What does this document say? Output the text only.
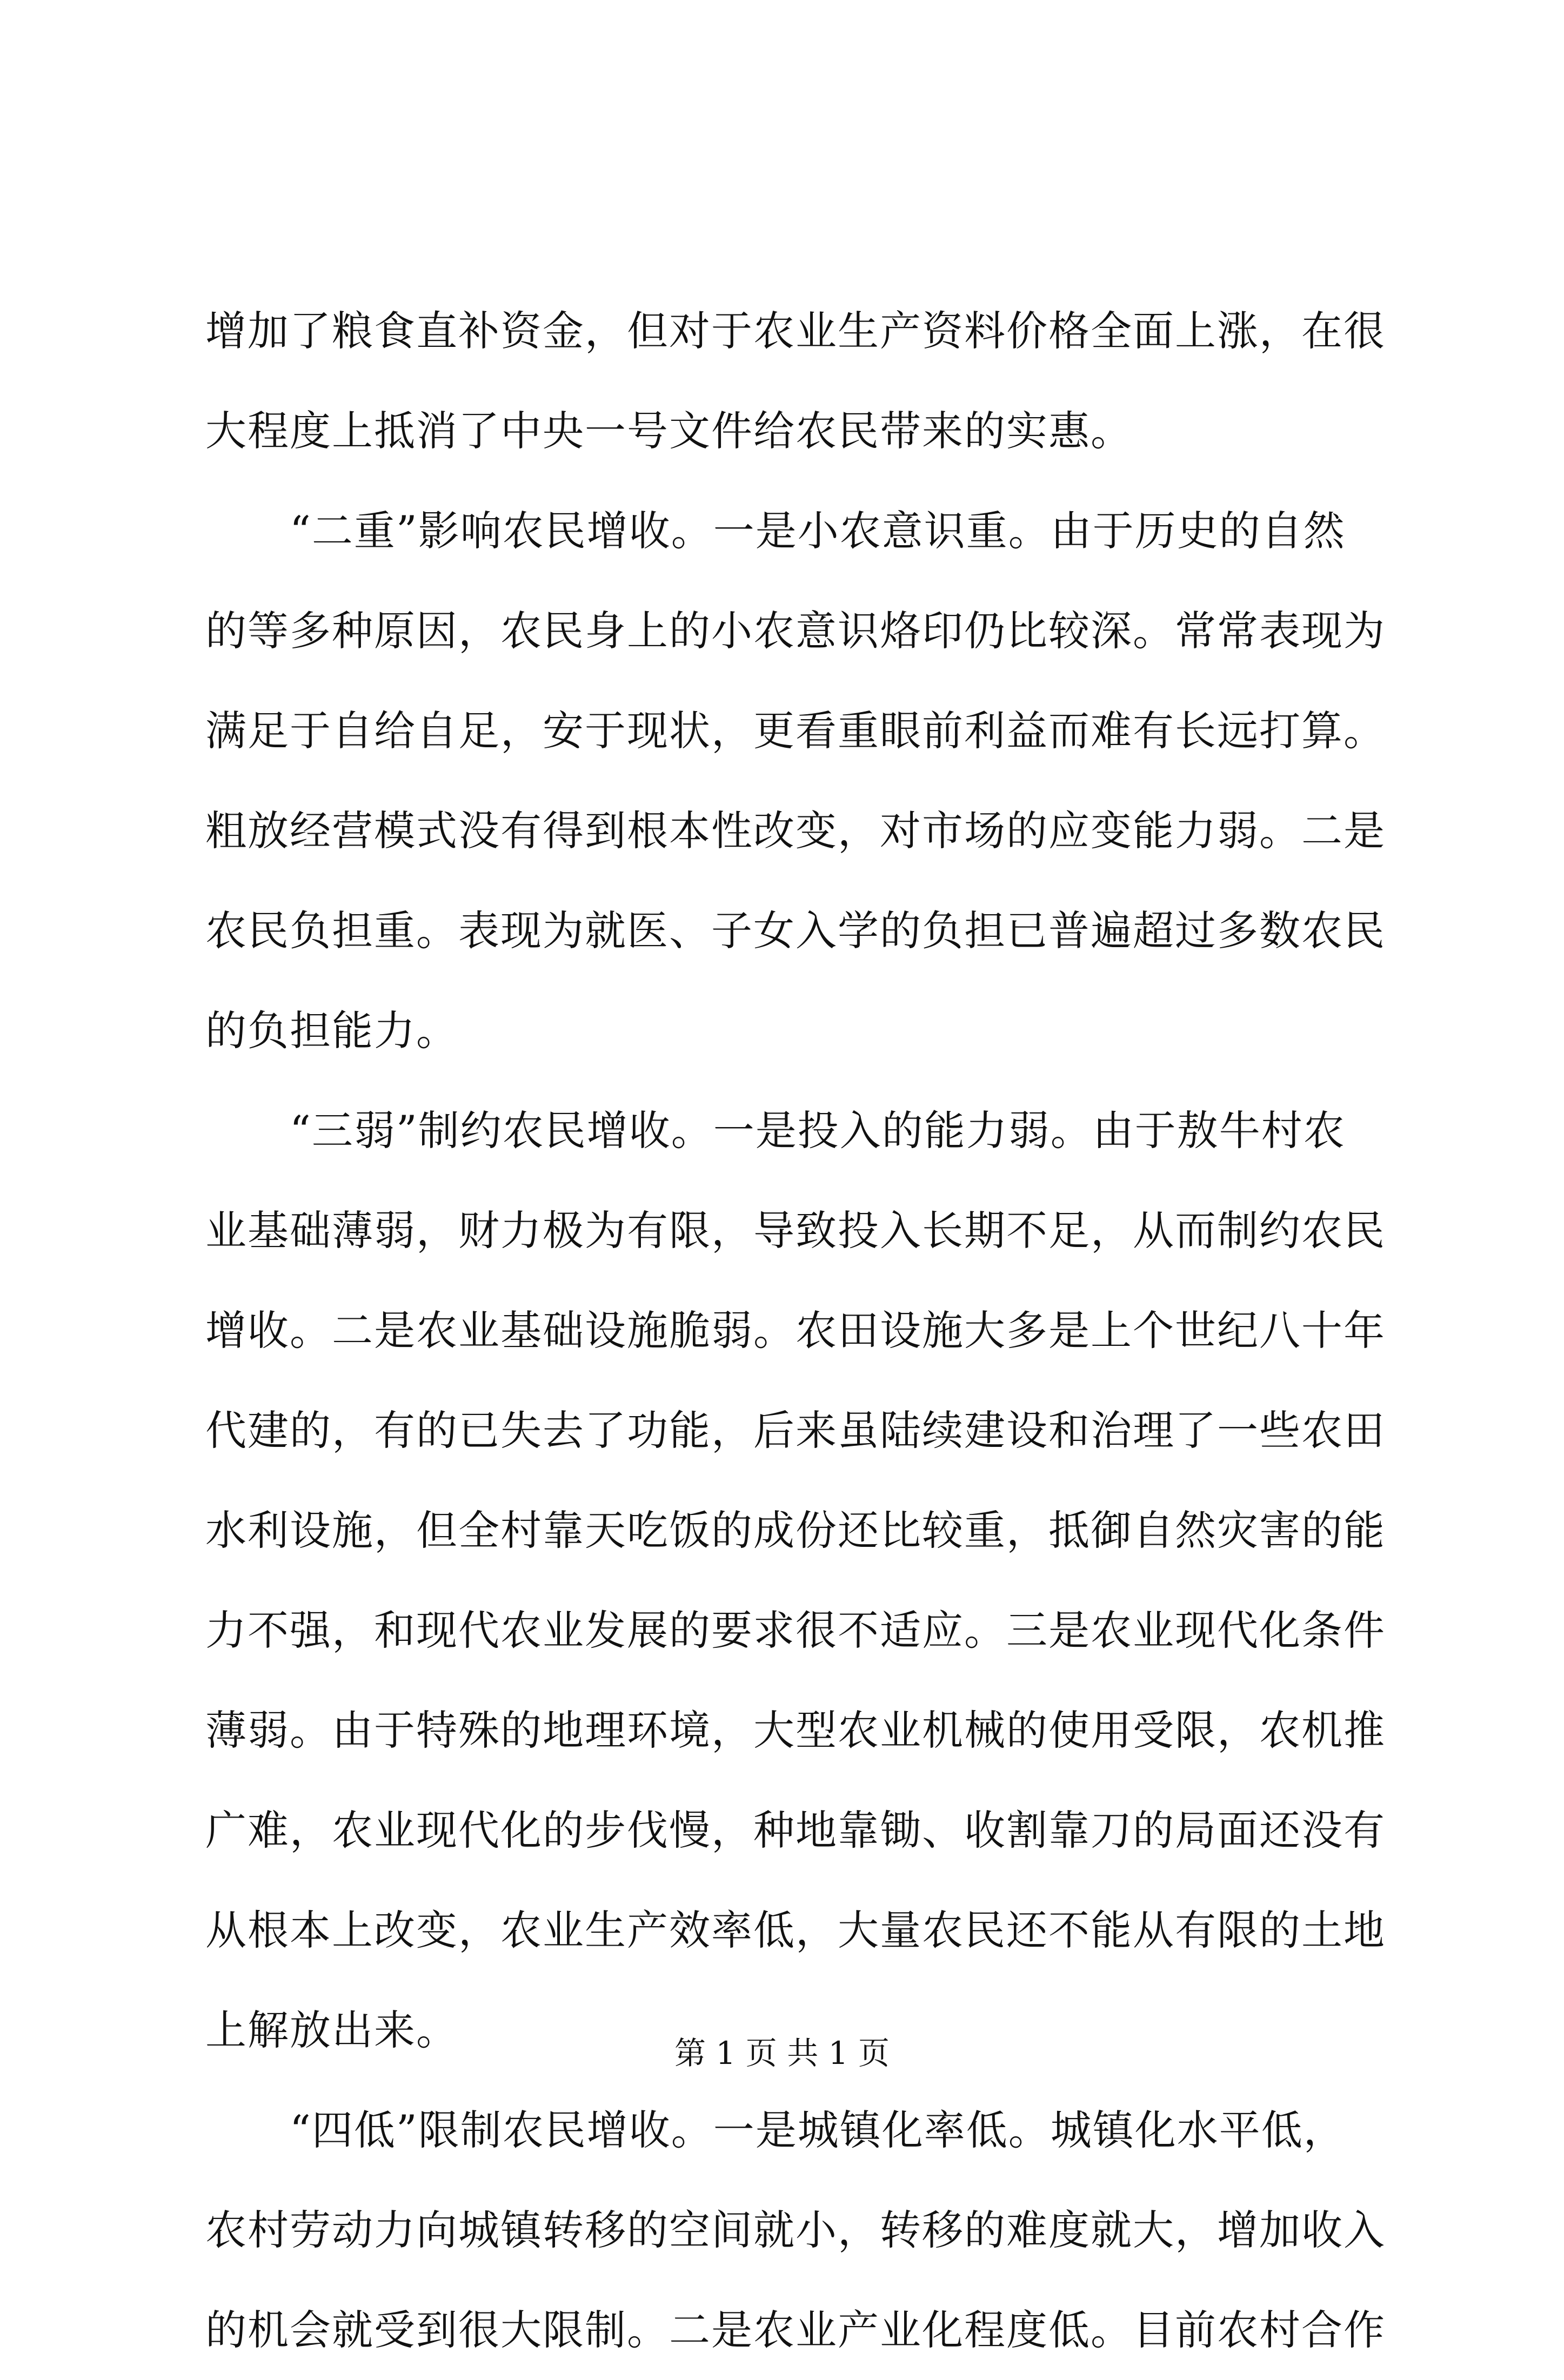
增加了粮食直补资金，但对于农业生产资料价格全面上涨，在很
大程度上抵消了中央一号文件给农民带来的实惠。
　　“二重”影响农民增收。一是小农意识重。由于历史的自然
的等多种原因，农民身上的小农意识烙印仍比较深。常常表现为
满足于自给自足，安于现状，更看重眼前利益而难有长远打算。
粗放经营模式没有得到根本性改变，对市场的应变能力弱。二是
农民负担重。表现为就医、子女入学的负担已普遍超过多数农民
的负担能力。
　　“三弱”制约农民增收。一是投入的能力弱。由于敖牛村农
业基础薄弱，财力极为有限，导致投入长期不足，从而制约农民
增收。二是农业基础设施脆弱。农田设施大多是上个世纪八十年
代建的，有的已失去了功能，后来虽陆续建设和治理了一些农田
水利设施，但全村靠天吃饭的成份还比较重，抵御自然灾害的能
力不强，和现代农业发展的要求很不适应。三是农业现代化条件
薄弱。由于特殊的地理环境，大型农业机械的使用受限，农机推
广难，农业现代化的步伐慢，种地靠锄、收割靠刀的局面还没有
从根本上改变，农业生产效率低，大量农民还不能从有限的土地
上解放出来。
　　“四低”限制农民增收。一是城镇化率低。城镇化水平低，
农村劳动力向城镇转移的空间就小，转移的难度就大，增加收入
的机会就受到很大限制。二是农业产业化程度低。目前农村合作
第 1 页 共 1 页
